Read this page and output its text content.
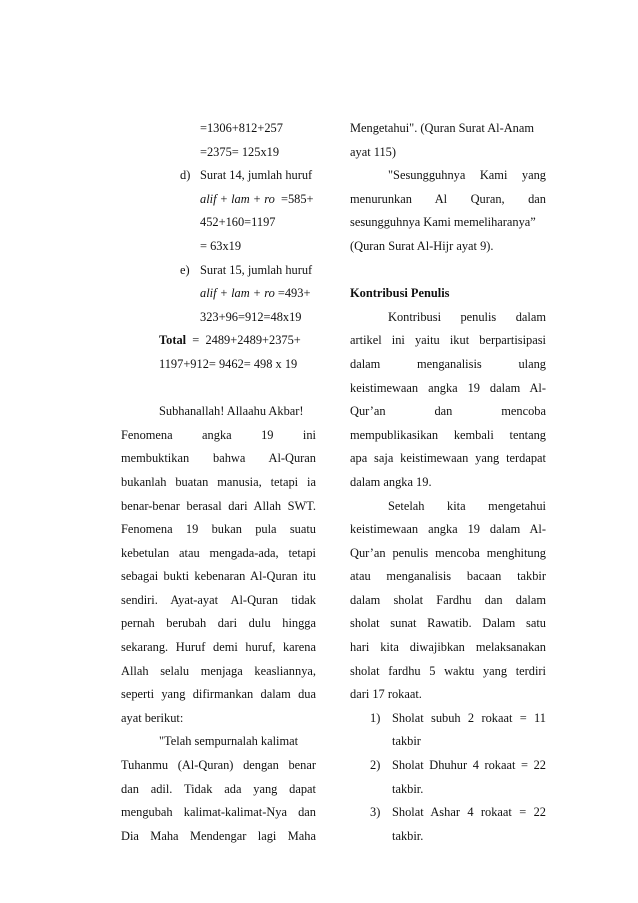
=1306+812+257
=2375= 125x19
d) Surat 14, jumlah huruf
alif + lam + ro  =585+
452+160=1197
= 63x19
e) Surat 15, jumlah huruf
alif + lam + ro =493+
323+96=912=48x19
Total  =  2489+2489+2375+
1197+912= 9462= 498 x 19
Subhanallah! Allaahu Akbar!
Fenomena angka 19 ini
membuktikan bahwa Al-Quran
bukanlah buatan manusia, tetapi ia
benar-benar berasal dari Allah SWT.
Fenomena 19 bukan pula suatu
kebetulan atau mengada-ada, tetapi
sebagai bukti kebenaran Al-Quran itu
sendiri. Ayat-ayat Al-Quran tidak
pernah berubah dari dulu hingga
sekarang. Huruf demi huruf, karena
Allah selalu menjaga keasliannya,
seperti yang difirmankan dalam dua
ayat berikut:
"Telah sempurnalah kalimat
Tuhanmu (Al-Quran) dengan benar
dan adil. Tidak ada yang dapat
mengubah kalimat-kalimat-Nya dan
Dia Maha Mendengar lagi Maha
Mengetahui". (Quran Surat Al-Anam
ayat 115)
"Sesungguhnya Kami yang
menurunkan Al Quran, dan
sesungguhnya Kami memeliharanya”
(Quran Surat Al-Hijr ayat 9).
Kontribusi Penulis
Kontribusi penulis dalam
artikel ini yaitu ikut berpartisipasi
dalam menganalisis ulang
keistimewaan angka 19 dalam Al-
Qur’an dan mencoba
mempublikasikan kembali tentang
apa saja keistimewaan yang terdapat
dalam angka 19.
Setelah kita mengetahui
keistimewaan angka 19 dalam Al-
Qur’an penulis mencoba menghitung
atau menganalisis bacaan takbir
dalam sholat Fardhu dan dalam
sholat sunat Rawatib. Dalam satu
hari kita diwajibkan melaksanakan
sholat fardhu 5 waktu yang terdiri
dari 17 rokaat.
1) Sholat subuh 2 rokaat = 11
takbir
2) Sholat Dhuhur 4 rokaat = 22
takbir.
3) Sholat Ashar 4 rokaat = 22
takbir.
